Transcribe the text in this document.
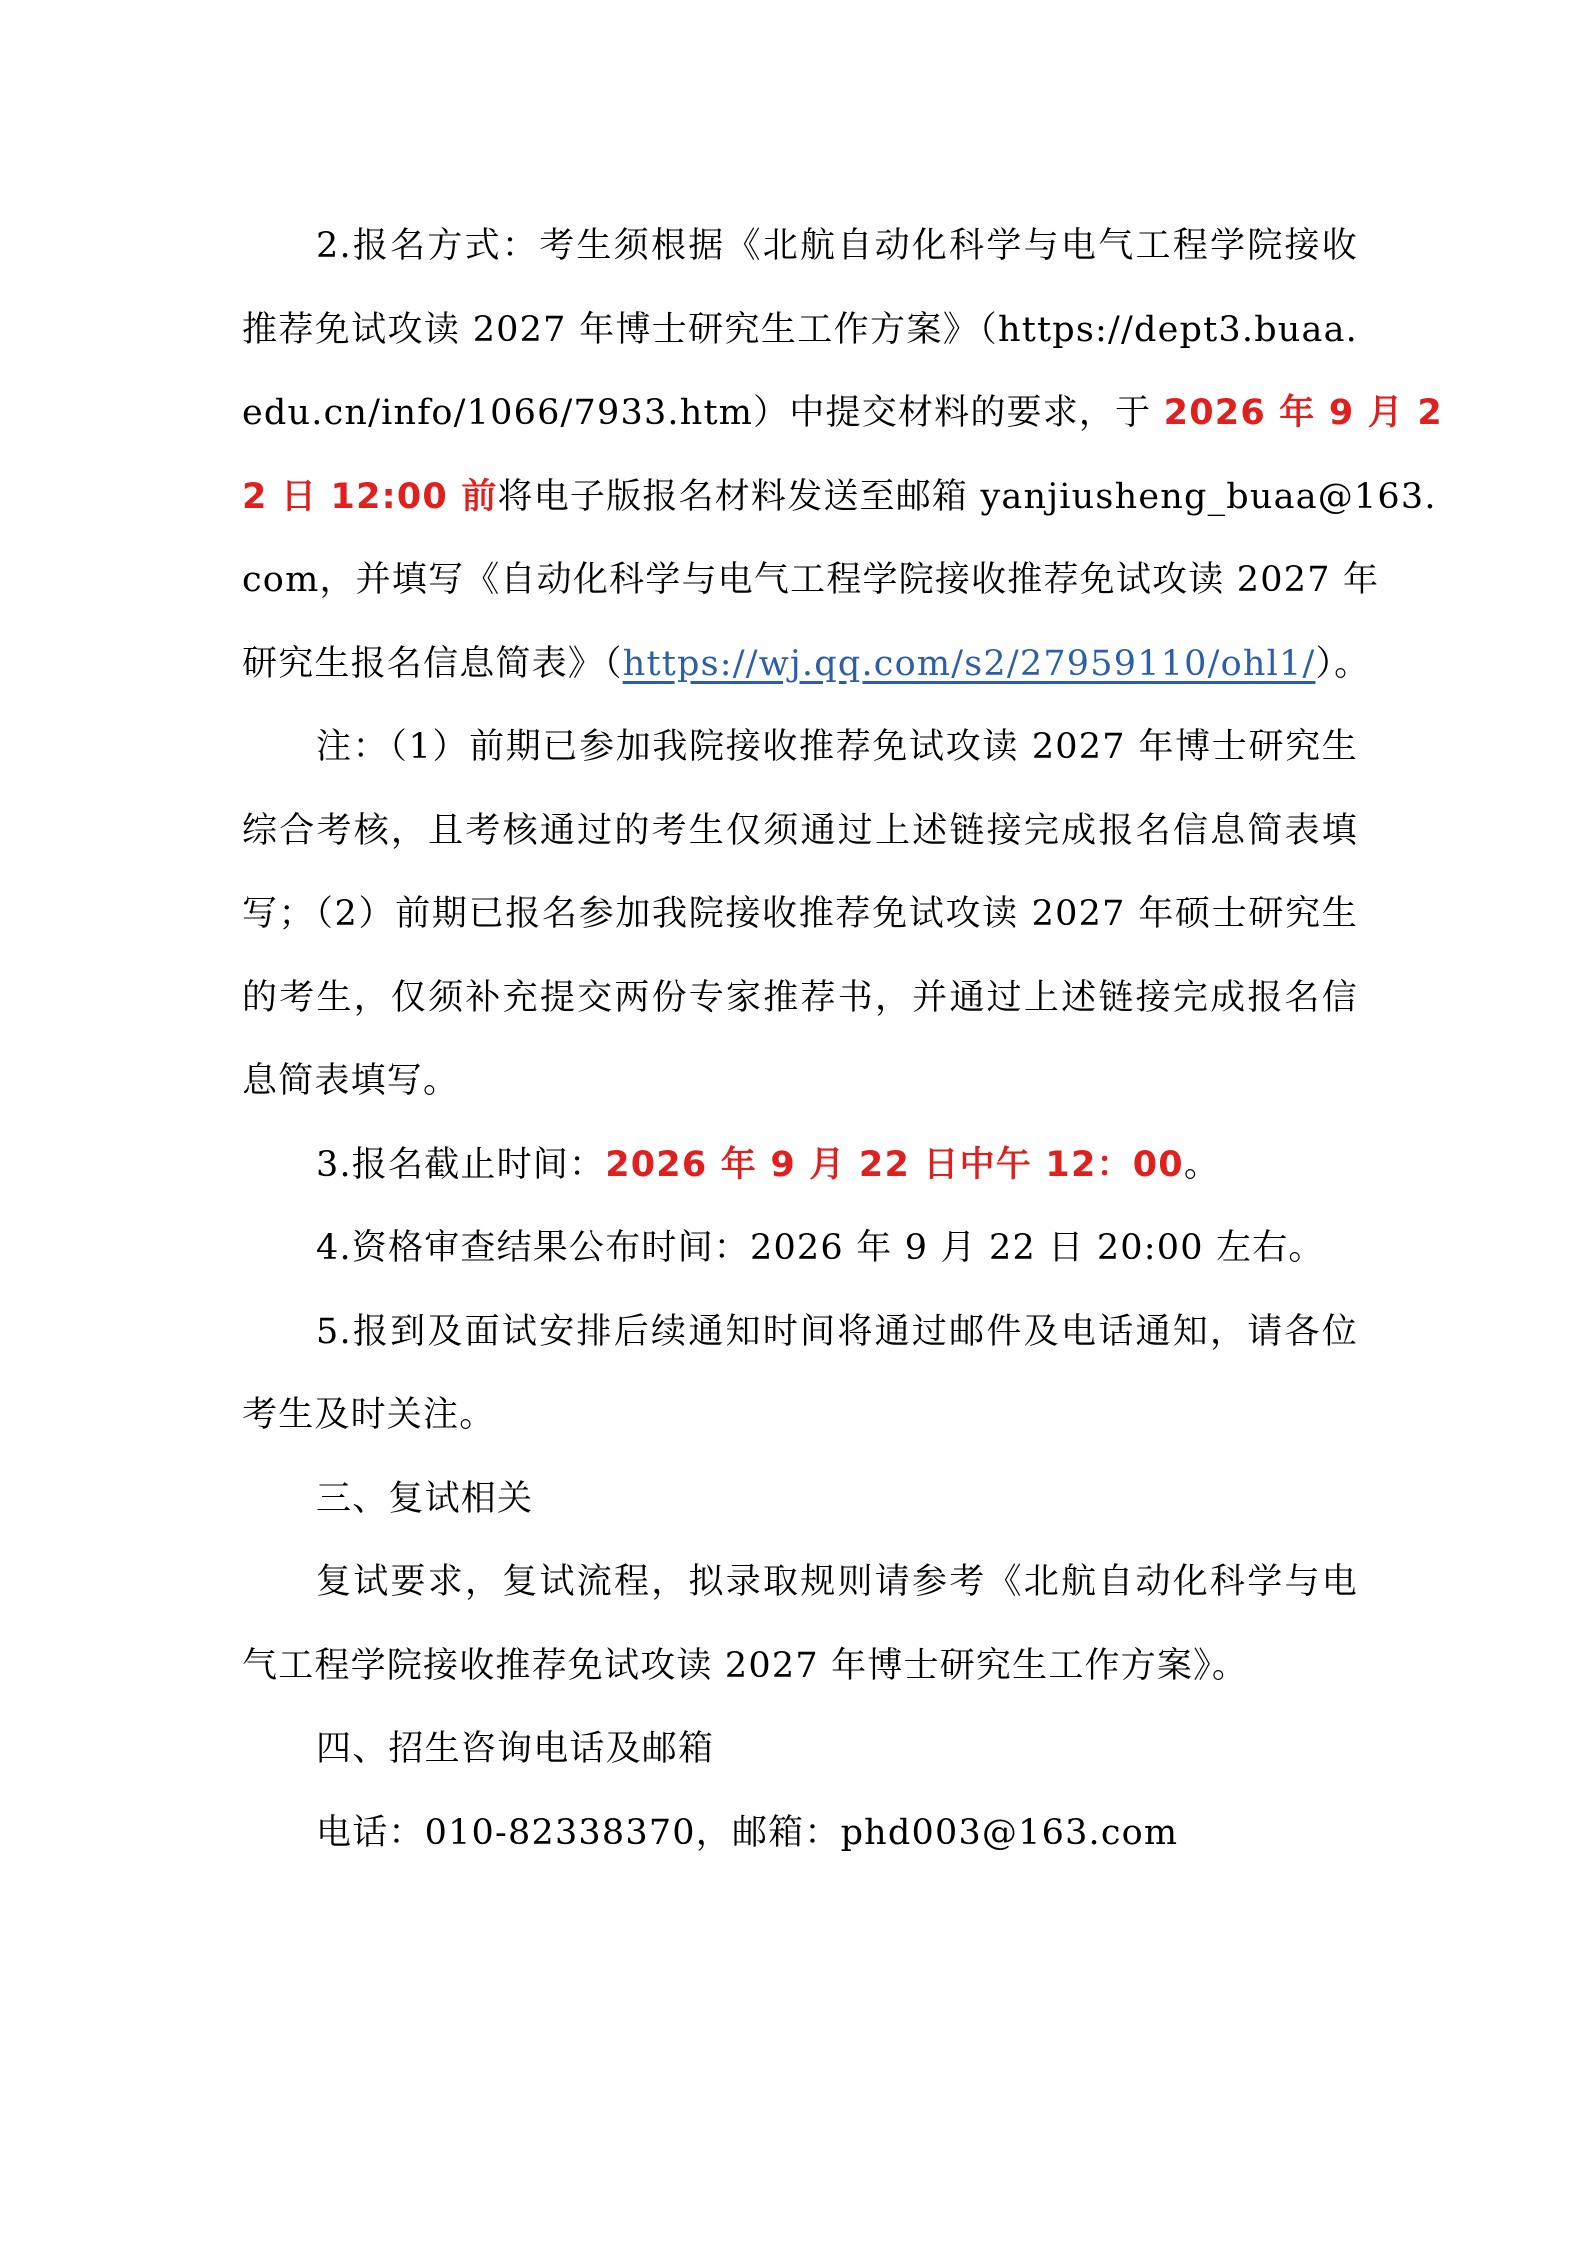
2.报名方式：考生须根据《北航自动化科学与电气工程学院接收
推荐免试攻读 2027 年博士研究生工作方案》（https://dept3.buaa.
edu.cn/info/1066/7933.htm）中提交材料的要求，于 2026 年 9 月 2
2 日 12:00 前将电子版报名材料发送至邮箱 yanjiusheng_buaa@163.
com，并填写《自动化科学与电气工程学院接收推荐免试攻读 2027 年
研究生报名信息简表》（https://wj.qq.com/s2/27959110/ohl1/）。
注：（1）前期已参加我院接收推荐免试攻读 2027 年博士研究生
综合考核，且考核通过的考生仅须通过上述链接完成报名信息简表填
写；（2）前期已报名参加我院接收推荐免试攻读 2027 年硕士研究生
的考生，仅须补充提交两份专家推荐书，并通过上述链接完成报名信
息简表填写。
3.报名截止时间：2026 年 9 月 22 日中午 12：00。
4.资格审查结果公布时间：2026 年 9 月 22 日 20:00 左右。
5.报到及面试安排后续通知时间将通过邮件及电话通知，请各位
考生及时关注。
三、复试相关
复试要求，复试流程，拟录取规则请参考《北航自动化科学与电
气工程学院接收推荐免试攻读 2027 年博士研究生工作方案》。
四、招生咨询电话及邮箱
电话：010-82338370，邮箱：phd003@163.com
